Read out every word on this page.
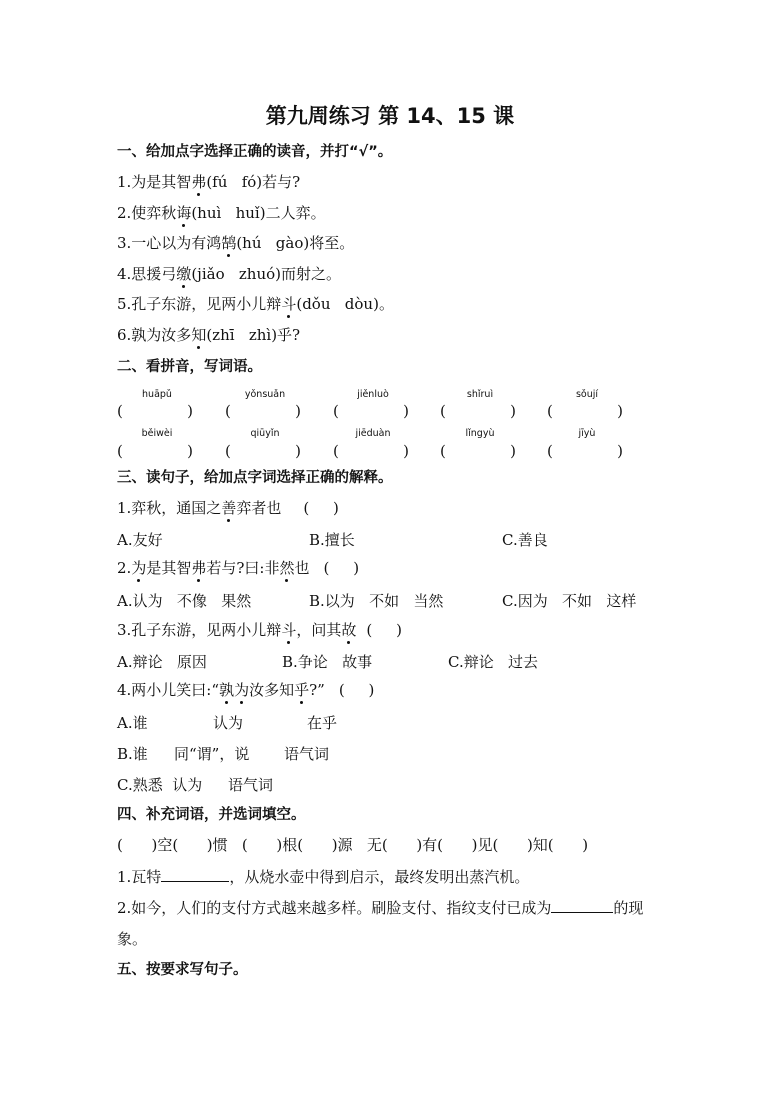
第九周练习 第 14、15 课
一、给加点字选择正确的读音，并打“√”。
1.为是其智弗(fú   fó)若与?
2.使弈秋诲(huì   huǐ)二人弈。
3.一心以为有鸿鹄(hú   gào)将至。
4.思援弓缴(jiǎo   zhuó)而射之。
5.孔子东游，见两小儿辩斗(dǒu   dòu)。
6.孰为汝多知(zhī   zhì)乎?
二、看拼音，写词语。
huāpǔ	yǒnsuǎn	jiěnluò	shǐruì	sǒují
(	) (	) (	) (	) (	)
běiwèi	qiūyǐn	jiēduàn	lǐngyù	jīyù
(	) (	) (	) (	) (	)
三、读句子，给加点字词选择正确的解释。
1.弈秋，通国之善弈者也 (     )
A.友好	B.擅长	C.善良
2.为是其智弗若与?曰:非然也 (     )
A.认为   不像   果然	B.以为   不如   当然	C.因为   不如   这样
3.孔子东游，见两小儿辩斗，问其故 (     )
A.辩论   原因	B.争论   故事	C.辩论   过去
4.两小儿笑曰:“孰为汝多知乎?” (     )
A.谁	认为	在乎
B.谁 同“谓”，说 语气词
C.熟悉  认为 语气词
四、补充词语，并选词填空。
(      )空(      )惯   (      )根(      )源   无(      )有(      )见(      )知(      )
1.瓦特	，从烧水壶中得到启示，最终发明出蒸汽机。
2.如今，人们的支付方式越来越多样。刷脸支付、指纹支付已成为	的现
象。
五、按要求写句子。
